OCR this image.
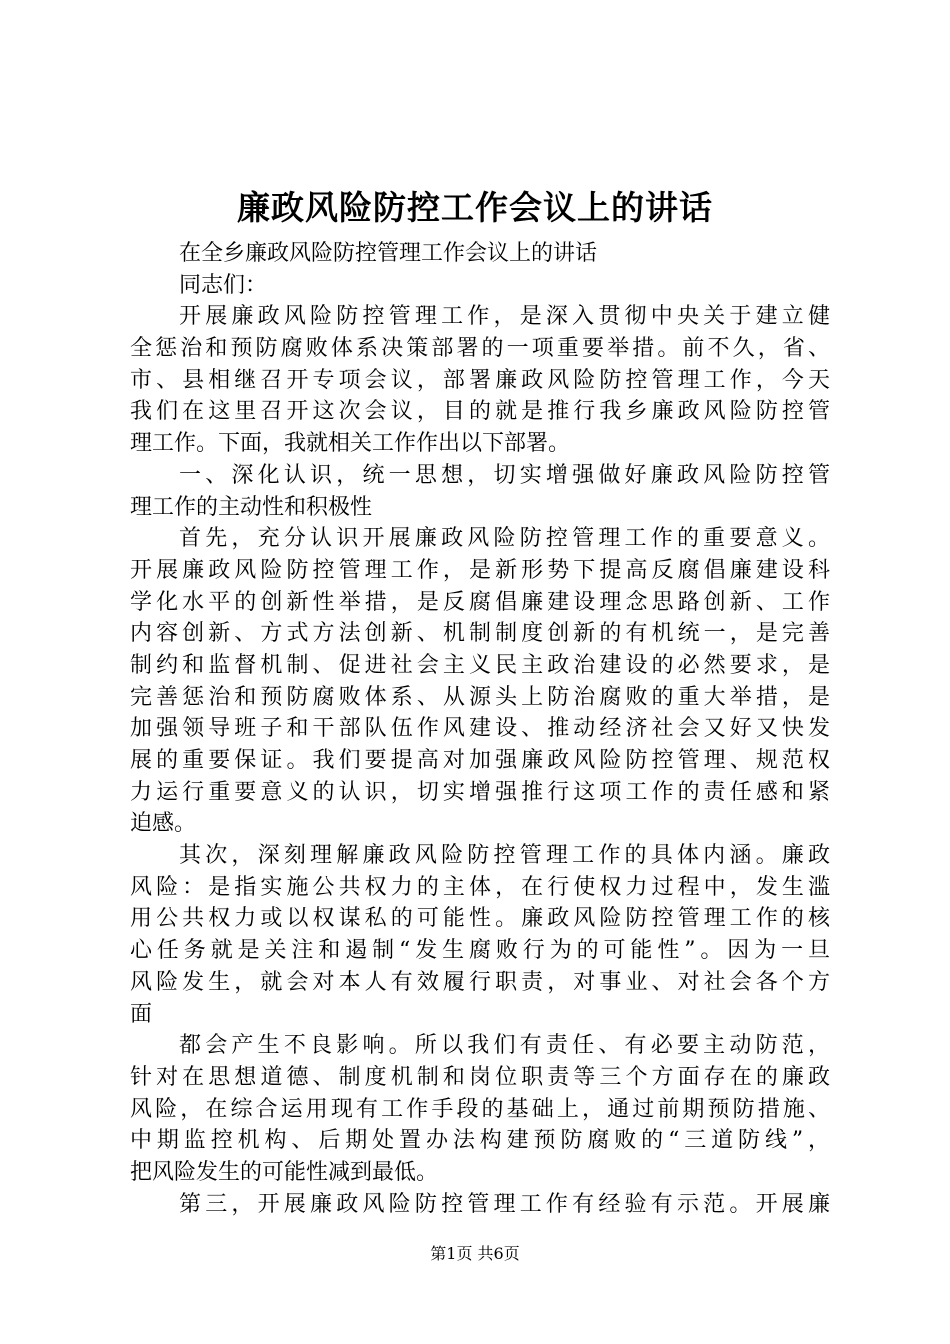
廉政风险防控工作会议上的讲话
在全乡廉政风险防控管理工作会议上的讲话
同志们：
开展廉政风险防控管理工作，是深入贯彻中央关于建立健
全惩治和预防腐败体系决策部署的一项重要举措。前不久，省、
市、县相继召开专项会议，部署廉政风险防控管理工作，今天
我们在这里召开这次会议，目的就是推行我乡廉政风险防控管
理工作。下面，我就相关工作作出以下部署。
一、深化认识，统一思想，切实增强做好廉政风险防控管
理工作的主动性和积极性
首先，充分认识开展廉政风险防控管理工作的重要意义。
开展廉政风险防控管理工作，是新形势下提高反腐倡廉建设科
学化水平的创新性举措，是反腐倡廉建设理念思路创新、工作
内容创新、方式方法创新、机制制度创新的有机统一，是完善
制约和监督机制、促进社会主义民主政治建设的必然要求，是
完善惩治和预防腐败体系、从源头上防治腐败的重大举措，是
加强领导班子和干部队伍作风建设、推动经济社会又好又快发
展的重要保证。我们要提高对加强廉政风险防控管理、规范权
力运行重要意义的认识，切实增强推行这项工作的责任感和紧
迫感。
其次，深刻理解廉政风险防控管理工作的具体内涵。廉政
风险：是指实施公共权力的主体，在行使权力过程中，发生滥
用公共权力或以权谋私的可能性。廉政风险防控管理工作的核
心任务就是关注和遏制“发生腐败行为的可能性”。因为一旦
风险发生，就会对本人有效履行职责，对事业、对社会各个方
面
都会产生不良影响。所以我们有责任、有必要主动防范，
针对在思想道德、制度机制和岗位职责等三个方面存在的廉政
风险，在综合运用现有工作手段的基础上，通过前期预防措施、
中期监控机构、后期处置办法构建预防腐败的“三道防线”，
把风险发生的可能性减到最低。
第三，开展廉政风险防控管理工作有经验有示范。开展廉
第1页 共6页
